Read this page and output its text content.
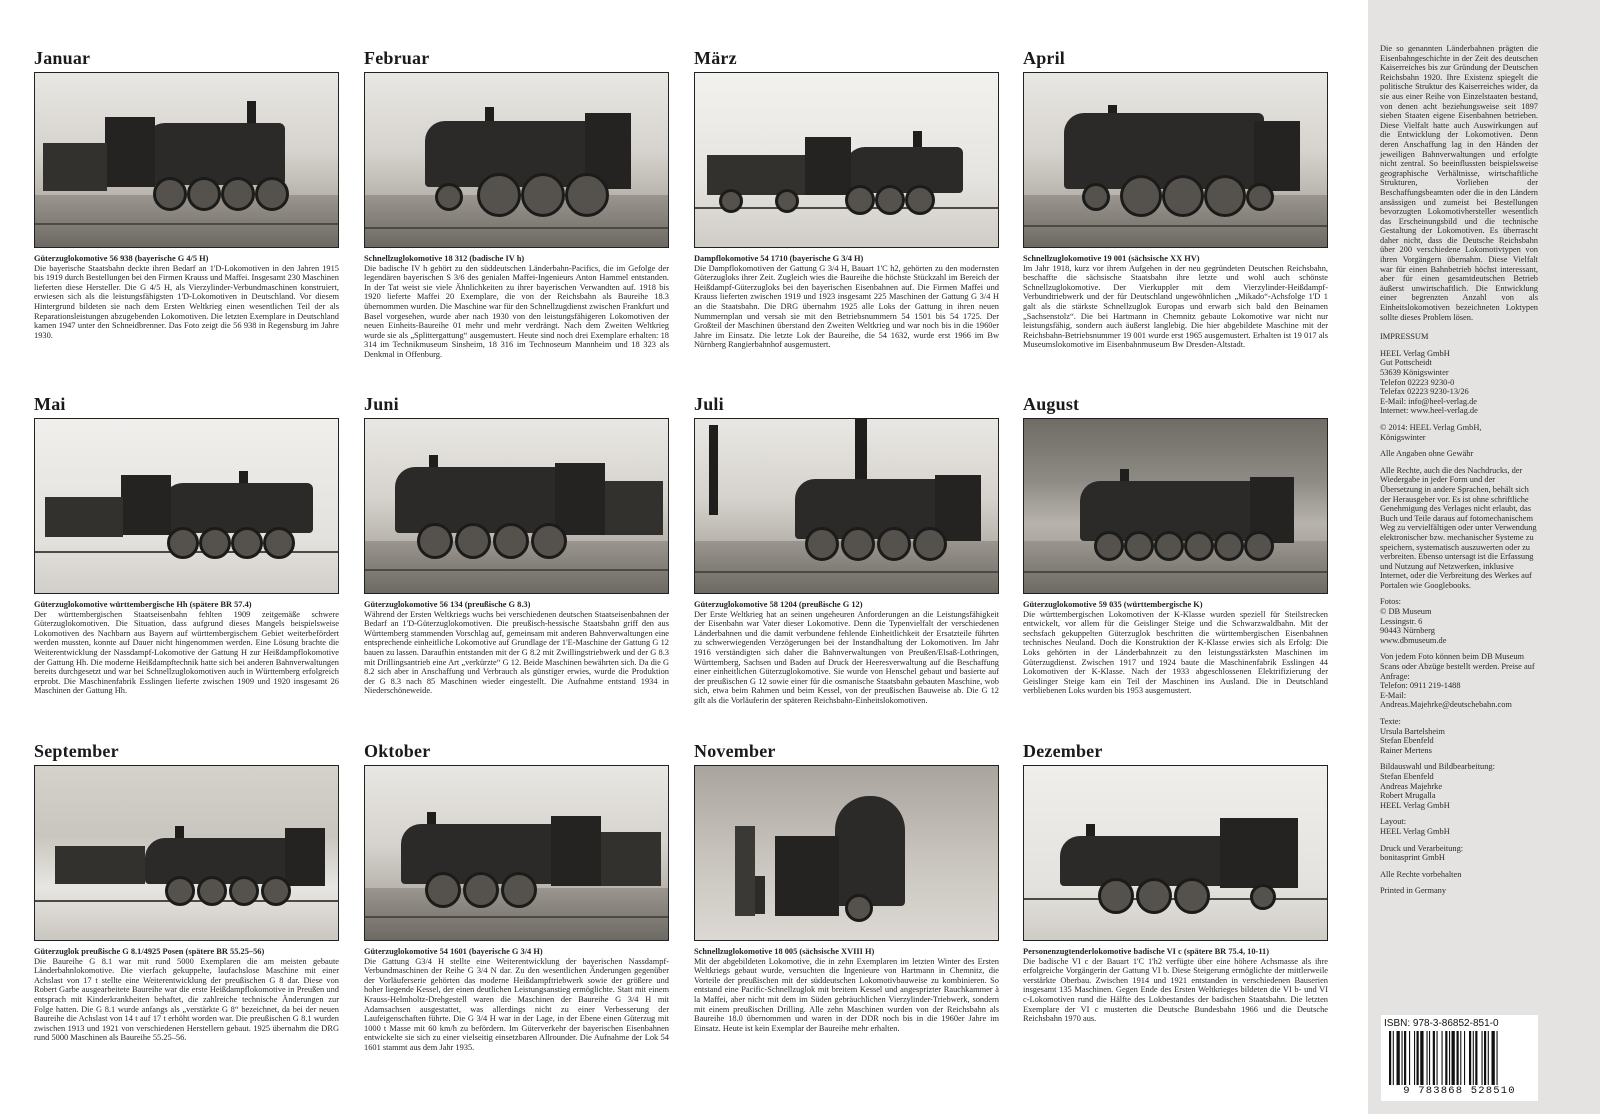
Januar
Güterzuglokomotive 56 938 (bayerische G 4/5 H)
Die bayerische Staatsbahn deckte ihren Bedarf an 1'D-Lokomotiven in den Jahren 1915 bis 1919 durch Bestellungen bei den Firmen Krauss und Maffei. Insgesamt 230 Maschinen lieferten diese Hersteller. Die G 4/5 H, als Vierzylinder-Verbundmaschinen konstruiert, erwiesen sich als die leistungsfähigsten 1'D-Lokomotiven in Deutschland. Vor diesem Hintergrund bildeten sie nach dem Ersten Weltkrieg einen wesentlichen Teil der als Reparationsleistungen abzugebenden Lokomotiven. Die letzten Exemplare in Deutschland kamen 1947 unter den Schneidbrenner. Das Foto zeigt die 56 938 in Regensburg im Jahre 1930.
Februar
Schnellzuglokomotive 18 312 (badische IV h)
Die badische IV h gehört zu den süddeutschen Länderbahn-Pacifics, die im Gefolge der legendären bayerischen S 3/6 des genialen Maffei-Ingenieurs Anton Hammel entstanden. In der Tat weist sie viele Ähnlichkeiten zu ihrer bayerischen Verwandten auf. 1918 bis 1920 lieferte Maffei 20 Exemplare, die von der Reichsbahn als Baureihe 18.3 übernommen wurden. Die Maschine war für den Schnellzugdienst zwischen Frankfurt und Basel vorgesehen, wurde aber nach 1930 von den leistungsfähigeren Lokomotiven der neuen Einheits-Baureihe 01 mehr und mehr verdrängt. Nach dem Zweiten Weltkrieg wurde sie als „Splittergattung“ ausgemustert. Heute sind noch drei Exemplare erhalten: 18 314 im Technikmuseum Sinsheim, 18 316 im Technoseum Mannheim und 18 323 als Denkmal in Offenburg.
März
Dampflokomotive 54 1710 (bayerische G 3/4 H)
Die Dampflokomotiven der Gattung G 3/4 H, Bauart 1'C h2, gehörten zu den modernsten Güterzugloks ihrer Zeit. Zugleich wies die Baureihe die höchste Stückzahl im Bereich der Heißdampf-Güterzugloks bei den bayerischen Eisenbahnen auf. Die Firmen Maffei und Krauss lieferten zwischen 1919 und 1923 insgesamt 225 Maschinen der Gattung G 3/4 H an die Staatsbahn. Die DRG übernahm 1925 alle Loks der Gattung in ihren neuen Nummernplan und versah sie mit den Betriebsnummern 54 1501 bis 54 1725. Der Großteil der Maschinen überstand den Zweiten Weltkrieg und war noch bis in die 1960er Jahre im Einsatz. Die letzte Lok der Baureihe, die 54 1632, wurde erst 1966 im Bw Nürnberg Rangierbahnhof ausgemustert.
April
Schnellzuglokomotive 19 001 (sächsische XX HV)
Im Jahr 1918, kurz vor ihrem Aufgehen in der neu gegründeten Deutschen Reichsbahn, beschaffte die sächsische Staatsbahn ihre letzte und wohl auch schönste Schnellzuglokomotive. Der Vierkuppler mit dem Vierzylinder-Heißdampf-Verbundtriebwerk und der für Deutschland ungewöhnlichen „Mikado“-Achsfolge 1'D 1 galt als die stärkste Schnellzuglok Europas und erwarb sich bald den Beinamen „Sachsenstolz“. Die bei Hartmann in Chemnitz gebaute Lokomotive war nicht nur leistungsfähig, sondern auch äußerst langlebig. Die hier abgebildete Maschine mit der Reichsbahn-Betriebsnummer 19 001 wurde erst 1965 ausgemustert. Erhalten ist 19 017 als Museumslokomotive im Eisenbahnmuseum Bw Dresden-Altstadt.
Mai
Güterzuglokomotive württembergische Hh (spätere BR 57.4)
Der württembergischen Staatseisenbahn fehlten 1909 zeitgemäße schwere Güterzuglokomotiven. Die Situation, dass aufgrund dieses Mangels beispielsweise Lokomotiven des Nachbarn aus Bayern auf württembergischem Gebiet weiterbefördert werden mussten, konnte auf Dauer nicht hingenommen werden. Eine Lösung brachte die Weiterentwicklung der Nassdampf-Lokomotive der Gattung H zur Heißdampflokomotive der Gattung Hh. Die moderne Heißdampftechnik hatte sich bei anderen Bahnverwaltungen bereits durchgesetzt und war bei Schnellzuglokomotiven auch in Württemberg erfolgreich erprobt. Die Maschinenfabrik Esslingen lieferte zwischen 1909 und 1920 insgesamt 26 Maschinen der Gattung Hh.
Juni
Güterzuglokomotive 56 134 (preußische G 8.3)
Während der Ersten Weltkriegs wuchs bei verschiedenen deutschen Staatseisenbahnen der Bedarf an 1'D-Güterzuglokomotiven. Die preußisch-hessische Staatsbahn griff den aus Württemberg stammenden Vorschlag auf, gemeinsam mit anderen Bahnverwaltungen eine entsprechende einheitliche Lokomotive auf Grundlage der 1'E-Maschine der Gattung G 12 bauen zu lassen. Daraufhin entstanden mit der G 8.2 mit Zwillingstriebwerk und der G 8.3 mit Drillingsantrieb eine Art „verkürzte“ G 12. Beide Maschinen bewährten sich. Da die G 8.2 sich aber in Anschaffung und Verbrauch als günstiger erwies, wurde die Produktion der G 8.3 nach 85 Maschinen wieder eingestellt. Die Aufnahme entstand 1934 in Niederschöneweide.
Juli
Güterzuglokomotive 58 1204 (preußische G 12)
Der Erste Weltkrieg hat an seinen ungeheuren Anforderungen an die Leistungsfähigkeit der Eisenbahn war Vater dieser Lokomotive. Denn die Typenvielfalt der verschiedenen Länderbahnen und die damit verbundene fehlende Einheitlichkeit der Ersatzteile führten zu schwerwiegenden Verzögerungen bei der Instandhaltung der Lokomotiven. Im Jahr 1916 verständigten sich daher die Bahnverwaltungen von Preußen/Elsaß-Lothringen, Württemberg, Sachsen und Baden auf Druck der Heeresverwaltung auf die Beschaffung einer einheitlichen Güterzuglokomotive. Sie wurde von Henschel gebaut und basierte auf der preußischen G 12 sowie einer für die osmanische Staatsbahn gebauten Maschine, wob sich, etwa beim Rahmen und beim Kessel, von der preußischen Bauweise ab. Die G 12 gilt als die Vorläuferin der späteren Reichsbahn-Einheitslokomotiven.
August
Güterzuglokomotive 59 035 (württembergische K)
Die württembergischen Lokomotiven der K-Klasse wurden speziell für Steilstrecken entwickelt, vor allem für die Geislinger Steige und die Schwarzwaldbahn. Mit der sechsfach gekuppelten Güterzuglok beschritten die württembergischen Eisenbahnen technisches Neuland. Doch die Konstruktion der K-Klasse erwies sich als Erfolg: Die Loks gehörten in der Länderbahnzeit zu den leistungsstärksten Maschinen im Güterzugdienst. Zwischen 1917 und 1924 baute die Maschinenfabrik Esslingen 44 Lokomotiven der K-Klasse. Nach der 1933 abgeschlossenen Elektrifizierung der Geislinger Steige kam ein Teil der Maschinen ins Ausland. Die in Deutschland verbliebenen Loks wurden bis 1953 ausgemustert.
September
Güterzuglok preußische G 8.1/4925 Posen (spätere BR 55.25–56)
Die Baureihe G 8.1 war mit rund 5000 Exemplaren die am meisten gebaute Länderbahnlokomotive. Die vierfach gekuppelte, laufachslose Maschine mit einer Achslast von 17 t stellte eine Weiterentwicklung der preußischen G 8 dar. Diese von Robert Garbe ausgearbeitete Baureihe war die erste Heißdampflokomotive in Preußen und entsprach mit Kinderkrankheiten behaftet, die zahlreiche technische Änderungen zur Folge hatten. Die G 8.1 wurde anfangs als „verstärkte G 8“ bezeichnet, da bei der neuen Baureihe die Achslast von 14 t auf 17 t erhöht worden war. Die preußischen G 8.1 wurden zwischen 1913 und 1921 von verschiedenen Herstellern gebaut. 1925 übernahm die DRG rund 5000 Maschinen als Baureihe 55.25–56.
Oktober
Güterzuglokomotive 54 1601 (bayerische G 3/4 H)
Die Gattung G3/4 H stellte eine Weiterentwicklung der bayerischen Nassdampf-Verbundmaschinen der Reihe G 3/4 N dar. Zu den wesentlichen Änderungen gegenüber der Vorläuferserie gehörten das moderne Heißdampftriebwerk sowie der größere und hoher liegende Kessel, der einen deutlichen Leistungsanstieg ermöglichte. Statt mit einem Krauss-Helmholtz-Drehgestell waren die Maschinen der Baureihe G 3/4 H mit Adamsachsen ausgestattet, was allerdings nicht zu einer Verbesserung der Laufeigenschaften führte. Die G 3/4 H war in der Lage, in der Ebene einen Güterzug mit 1000 t Masse mit 60 km/h zu befördern. Im Güterverkehr der bayerischen Eisenbahnen entwickelte sie sich zu einer vielseitig einsetzbaren Allrounder. Die Aufnahme der Lok 54 1601 stammt aus dem Jahr 1935.
November
Schnellzuglokomotive 18 005 (sächsische XVIII H)
Mit der abgebildeten Lokomotive, die in zehn Exemplaren im letzten Winter des Ersten Weltkriegs gebaut wurde, versuchten die Ingenieure von Hartmann in Chemnitz, die Vorteile der preußischen mit der süddeutschen Lokomotivbauweise zu kombinieren. So entstand eine Pacific-Schnellzuglok mit breitem Kessel und angesprizter Rauchkammer à la Maffei, aber nicht mit dem im Süden gebräuchlichen Vierzylinder-Triebwerk, sondern mit einem preußischen Drilling. Alle zehn Maschinen wurden von der Reichsbahn als Baureihe 18.0 übernommen und waren in der DDR noch bis in die 1960er Jahre im Einsatz. Heute ist kein Exemplar der Baureihe mehr erhalten.
Dezember
Personenzugtenderlokomotive badische VI c (spätere BR 75.4, 10-11)
Die badische VI c der Bauart 1'C 1'h2 verfügte über eine höhere Achsmasse als ihre erfolgreiche Vorgängerin der Gattung VI b. Diese Steigerung ermöglichte der mittlerweile verstärkte Oberbau. Zwischen 1914 und 1921 entstanden in verschiedenen Bauserien insgesamt 135 Maschinen. Gegen Ende des Ersten Weltkrieges bildeten die VI b- und VI c-Lokomotiven rund die Hälfte des Lokbestandes der badischen Staatsbahn. Die letzten Exemplare der VI c musterten die Deutsche Bundesbahn 1966 und die Deutsche Reichsbahn 1970 aus.

Die so genannten Länderbahnen prägten die Eisenbahngeschichte in der Zeit des deutschen Kaiserreiches bis zur Gründung der Deutschen Reichsbahn 1920. Ihre Existenz spiegelt die politische Struktur des Kaiserreiches wider, da sie aus einer Reihe von Einzelstaaten bestand, von denen acht beziehungsweise seit 1897 sieben Staaten eigene Eisenbahnen betrieben. Diese Vielfalt hatte auch Auswirkungen auf die Entwicklung der Lokomotiven. Denn deren Anschaffung lag in den Händen der jeweiligen Bahnverwaltungen und erfolgte nicht zentral. So beeinflussten beispielsweise geographische Verhältnisse, wirtschaftliche Strukturen, Vorlieben der Beschaffungsbeamten oder die in den Ländern ansässigen und zumeist bei Bestellungen bevorzugten Lokomotivhersteller wesentlich das Erscheinungsbild und die technische Gestaltung der Lokomotiven. Es überrascht daher nicht, dass die Deutsche Reichsbahn über 200 verschiedene Lokomotivtypen von ihren Vorgängern übernahm. Diese Vielfalt war für einen Bahnbetrieb höchst interessant, aber für einen gesamtdeutschen Betrieb äußerst unwirtschaftlich. Die Entwicklung einer begrenzten Anzahl von als Einheitslokomotiven bezeichneten Loktypen sollte dieses Problem lösen.

IMPRESSUM

HEEL Verlag GmbH
Gut Pottscheidt
53639 Königswinter
Telefon 02223 9230-0
Telefax 02223 9230-13/26
E-Mail: info@heel-verlag.de
Internet: www.heel-verlag.de

© 2014: HEEL Verlag GmbH,
Königswinter

Alle Angaben ohne Gewähr

Alle Rechte, auch die des Nachdrucks, der Wiedergabe in jeder Form und der Übersetzung in andere Sprachen, behält sich der Herausgeber vor. Es ist ohne schriftliche Genehmigung des Verlages nicht erlaubt, das Buch und Teile daraus auf fotomechanischem Weg zu vervielfältigen oder unter Verwendung elektronischer bzw. mechanischer Systeme zu speichern, systematisch auszuwerten oder zu verbreiten. Ebenso untersagt ist die Erfassung und Nutzung auf Netzwerken, inklusive Internet, oder die Verbreitung des Werkes auf Portalen wie Googlebooks.

Fotos:
© DB Museum
Lessingstr. 6
90443 Nürnberg
www.dbmuseum.de

Von jedem Foto können beim DB Museum Scans oder Abzüge bestellt werden. Preise auf Anfrage:
Telefon: 0911 219-1488
E-Mail:
Andreas.Majehrke@deutschebahn.com

Texte:
Ursula Bartelsheim
Stefan Ebenfeld
Rainer Mertens

Bildauswahl und Bildbearbeitung:
Stefan Ebenfeld
Andreas Majehrke
Robert Mrugalla
HEEL Verlag GmbH

Layout:
HEEL Verlag GmbH

Druck und Verarbeitung:
bonitasprint GmbH

Alle Rechte vorbehalten

Printed in Germany

ISBN: 978-3-86852-851-0
9 783868 528510
